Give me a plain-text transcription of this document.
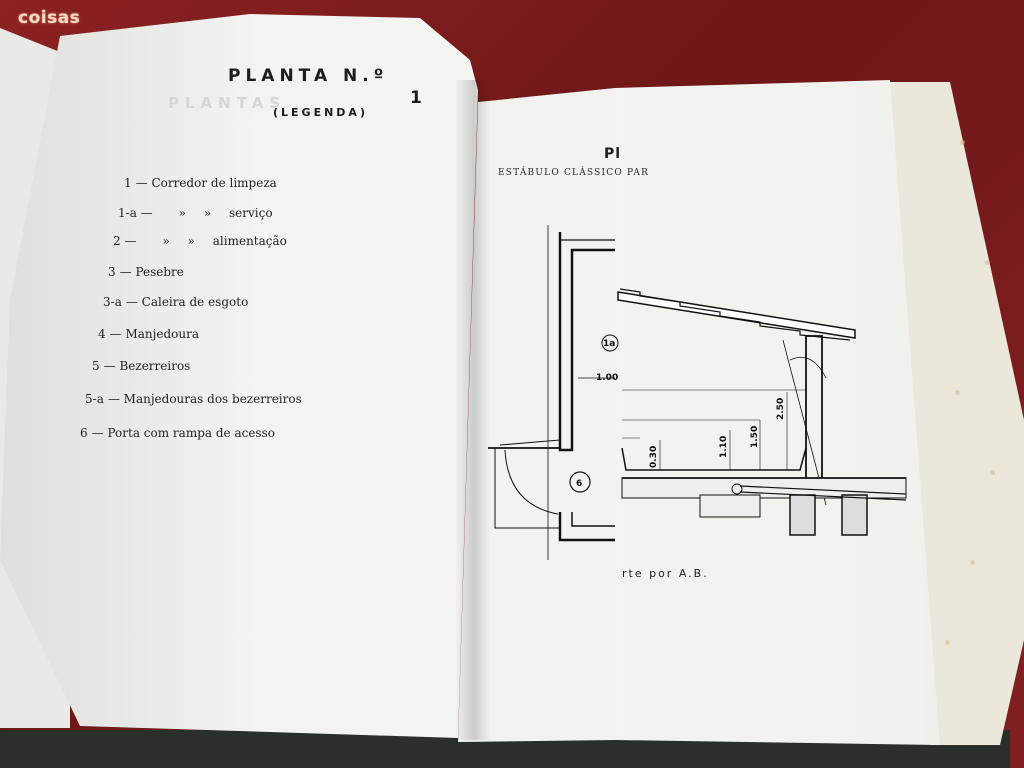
coisas
PLANTAS
PLANTA N.º
1
(LEGENDA)
1 — Corredor de limpeza
1-a — » » serviço
2 — » » alimentação
3 — Pesebre
3-a — Caleira de esgoto
4 — Manjedoura
5 — Bezerreiros
5-a — Manjedouras dos bezerreiros
6 — Porta com rampa de acesso
Pl
ESTÁBULO CLÁSSICO PAR
1a
6
1.00
2.50
1.50
1.10
0.30
rte por A.B.
